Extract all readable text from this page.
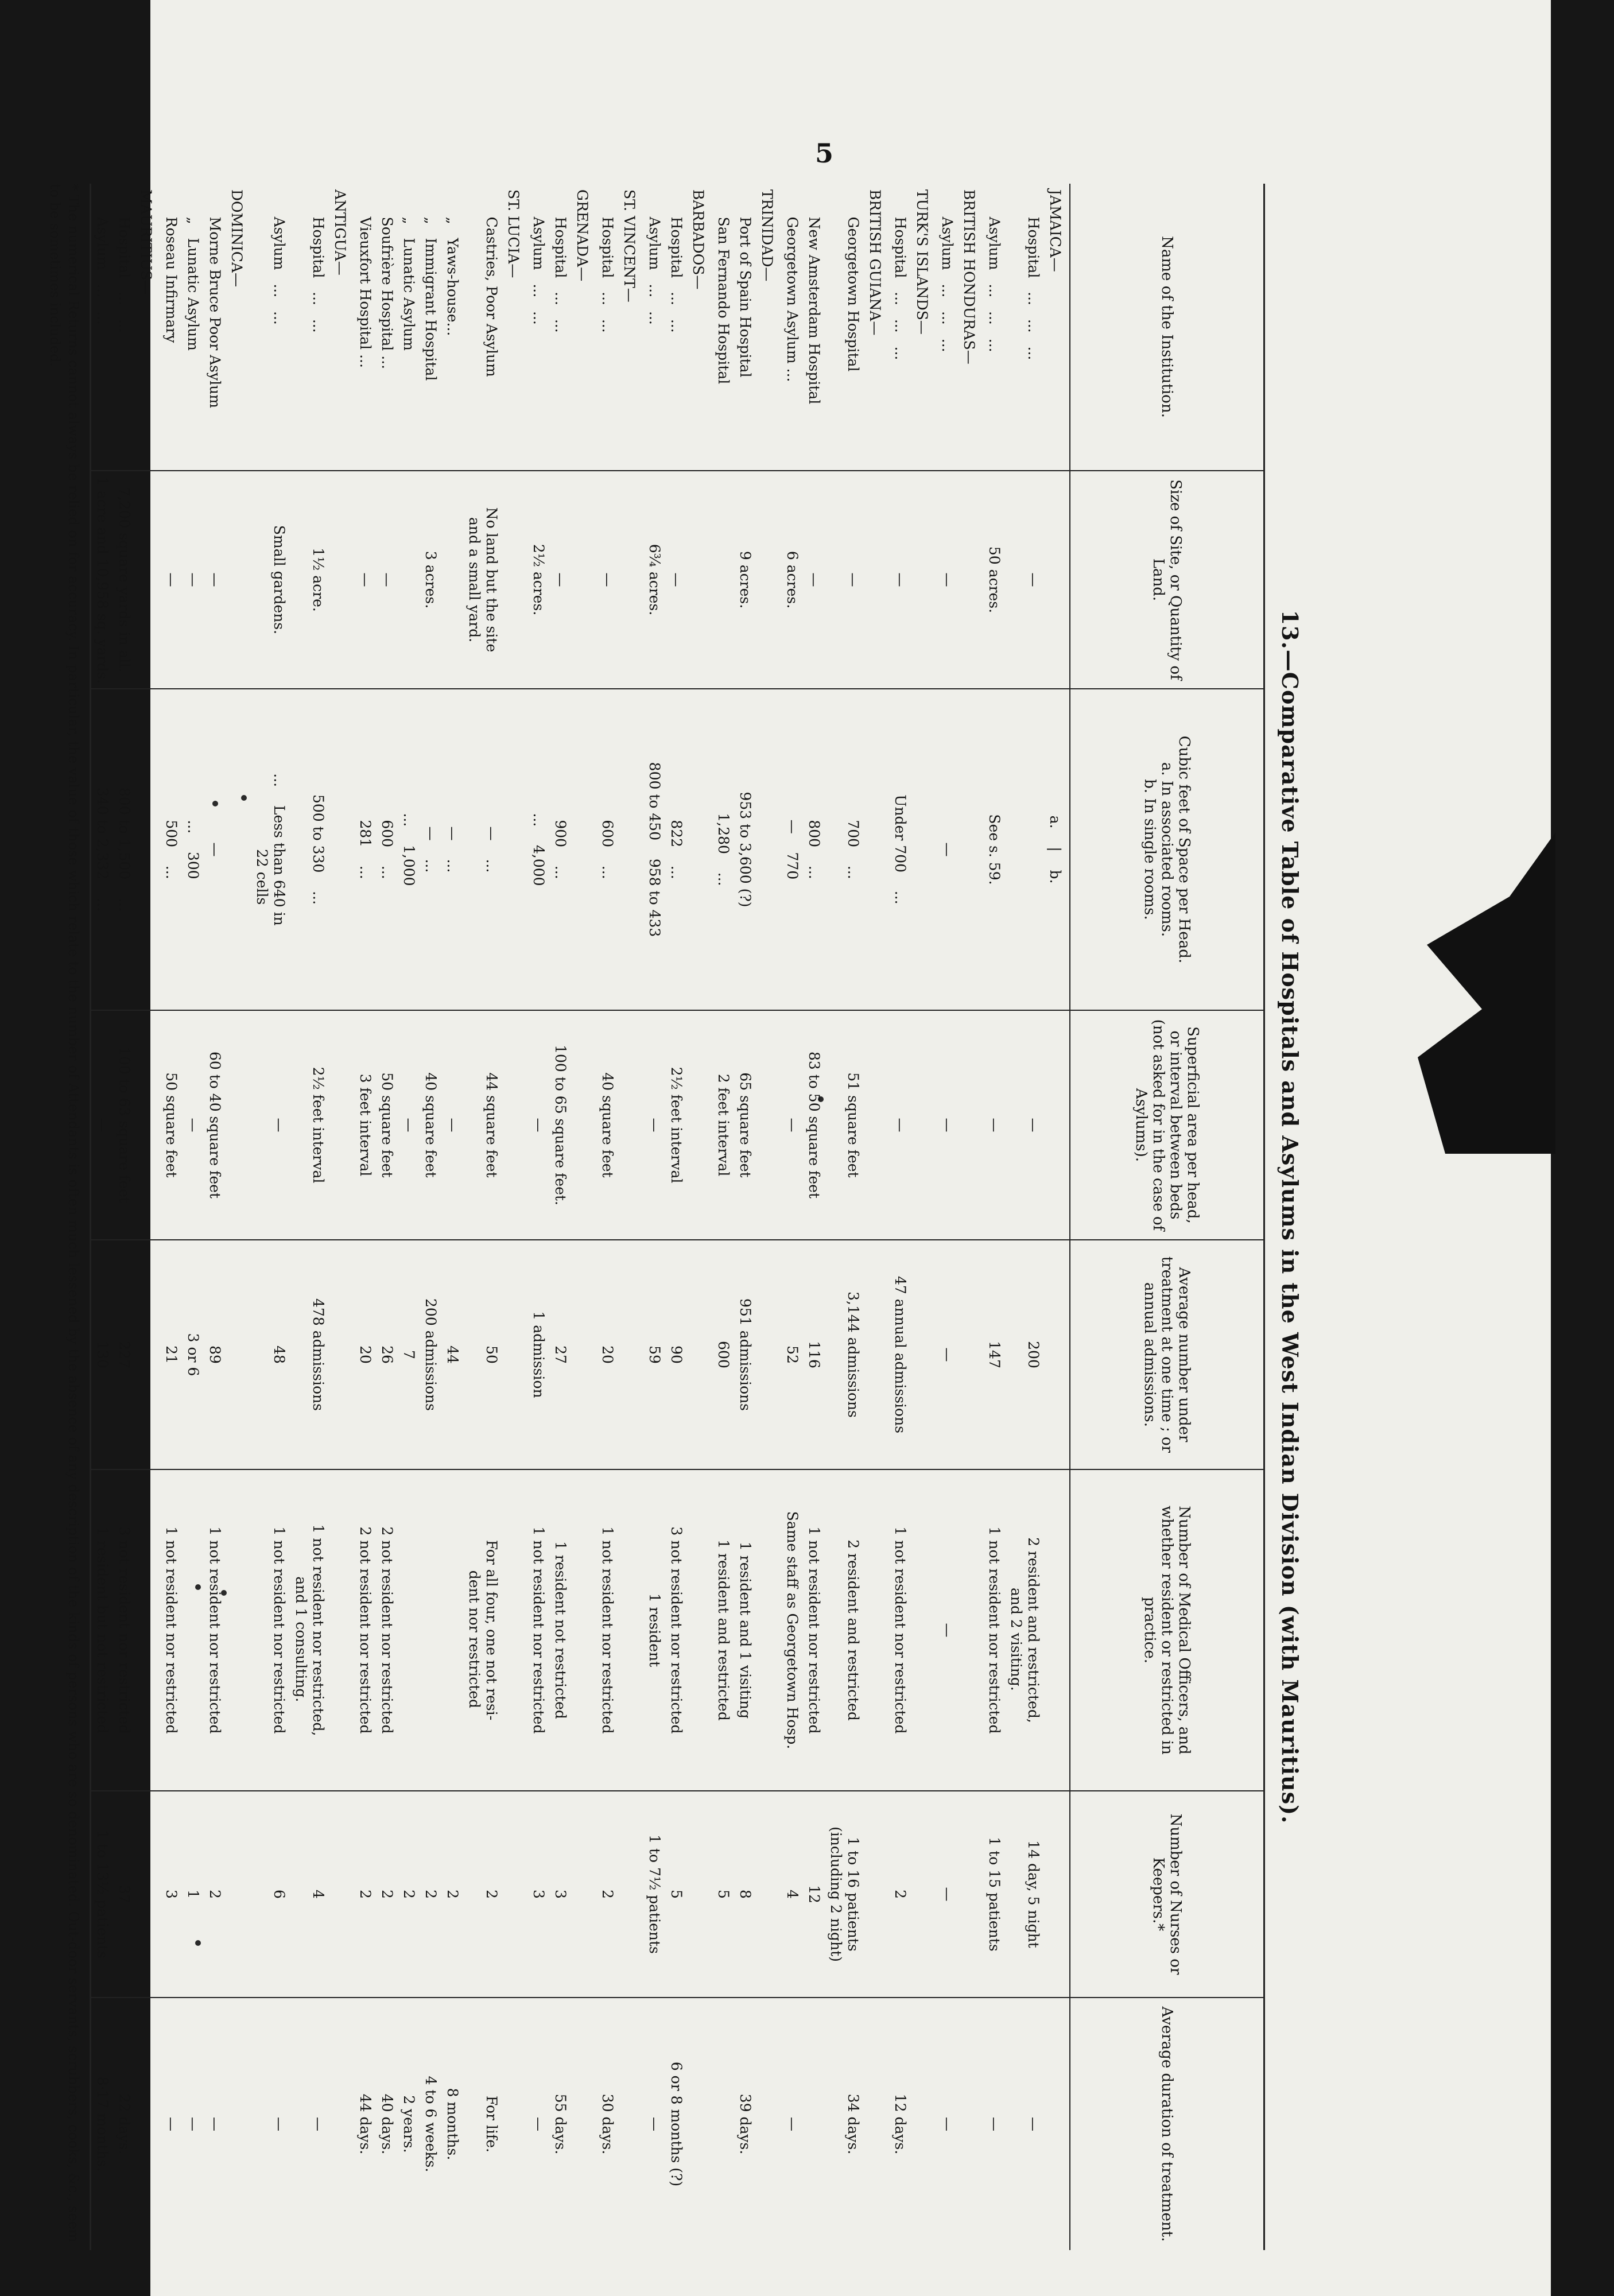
5
13.—Comparative Table of Hospitals and Asylums in the West Indian Division (with Mauritius).
Name of the Institution.	Size of Site, or Quantity of Land.	Cubic feet of Space per Head.
a. In associated rooms.
b. In single rooms.	Superficial area per head, or interval between beds (not asked for in the case of Asylums).	Average number under treatment at one time ; or annual admissions.	Number of Medical Officers, and whether resident or restricted in practice.	Number of Nurses or Keepers.*	Average duration of treatment.
JAMAICA—		a.    |    b.					
Hospital   ...   ...   ...	—		—	200	2 resident and restricted,
and 2 visiting.	14 day, 5 night	—
Asylum   ...   ...   ...	50 acres.	See s. 59.	—	147	1 not resident nor restricted	1 to 15 patients	—
BRITISH HONDURAS—							
Asylum   ...   ...   ...	—	—	—	—	—	—	—
TURK'S ISLANDS—							
Hospital   ...   ...   ...	—	Under 700    ...	—	47 annual admissions	1 not resident nor restricted	2	12 days.
BRITISH GUIANA—							
Georgetown Hospital	—	700    ...	51 square feet	3,144 admissions	2 resident and restricted	1 to 16 patients
(including 2 night)	34 days.
New Amsterdam Hospital	—	800    ...	83 to 50 square feet	116	1 not resident nor restricted	12	
Georgetown Asylum ...	6 acres.	—    770	—	52	Same staff as Georgetown Hosp.	4	—
TRINIDAD—							
Port of Spain Hospital	9 acres.	953 to 3,600 (?)	65 square feet	951 admissions	1 resident and 1 visiting	8	39 days.
San Fernando Hospital		1,280    ...	2 feet interval	600	1 resident and restricted	5	
BARBADOS—							
Hospital   ...   ...	—	822    ...	2½ feet interval	90	3 not resident nor restricted	5	6 or 8 months (?)
Asylum   ...   ...	6¾ acres.	800 to 450    958 to 433	—	59	1 resident	1 to 7½ patients	—
ST. VINCENT—							
Hospital   ...   ...	—	600    ...	40 square feet	20	1 not resident nor restricted	2	30 days.
GRENADA—							
Hospital   ...   ...	—	900    ...	100 to 65 square feet.	27	1 resident not restricted	3	55 days.
Asylum   ...   ...	2½ acres.	...    4,000	—	1 admission	1 not resident nor restricted	3	—
ST. LUCIA—							
Castries, Poor Asylum	No land but the site
and a small yard.	—    ...	44 square feet	50	For all four, one not resi-
dent nor restricted	2	For life.
„   Yaws-house...		—    ...	—	44		2	8 months.
„   Immigrant Hospital	3 acres.	—    ...	40 square feet	200 admissions		2	4 to 6 weeks.
„   Lunatic Asylum		...    1,000	—	7		2	2 years.
Soufrière Hospital ...	—	600    ...	50 square feet	26	2 not resident nor restricted	2	40 days.
Vieuxfort Hospital ...	—	281    ...	3 feet interval	20	2 not resident nor restricted	2	44 days.
ANTIGUA—							
Hospital   ...   ...	1½ acre.	500 to 330    ...	2½ feet interval	478 admissions	1 not resident nor restricted,
and 1 consulting.	4	—
Asylum   ...   ...	Small gardens.	...    Less than 640 in
22 cells	—	48	1 not resident nor restricted	6	—
DOMINICA—							
Morne Bruce Poor Asylum	—	—	60 to 40 square feet	89	1 not resident nor restricted	2	—
„   Lunatic Asylum	—	...    300	—	3 or 6		1	—
Roseau Infirmary	—	500    ...	50 square feet	21	1 not resident nor restricted	3	—
MAURITIUS—							
Hospital   ...   ...	7,200 square yards in all.	800 to 1,500    ...	100 to 63 square feet	227	3 not resident nor restricted	37	22 days.
Asylum   ...   ...	1 acre and 10,958 sq. yards.	340 to 2,332    ...	—	130	1 resident but not restricted	1 to 13½ patients	8·17 months.
* The numerical Returns cannot always be relied on for accuracy. In particular, the value of those which relate to the number of Attendants is often much lessened by the absence of any description of the kinds of persons who are so denominated. Out-door servants, scrubbers, cooks, &c., seem to be sometimes included.
